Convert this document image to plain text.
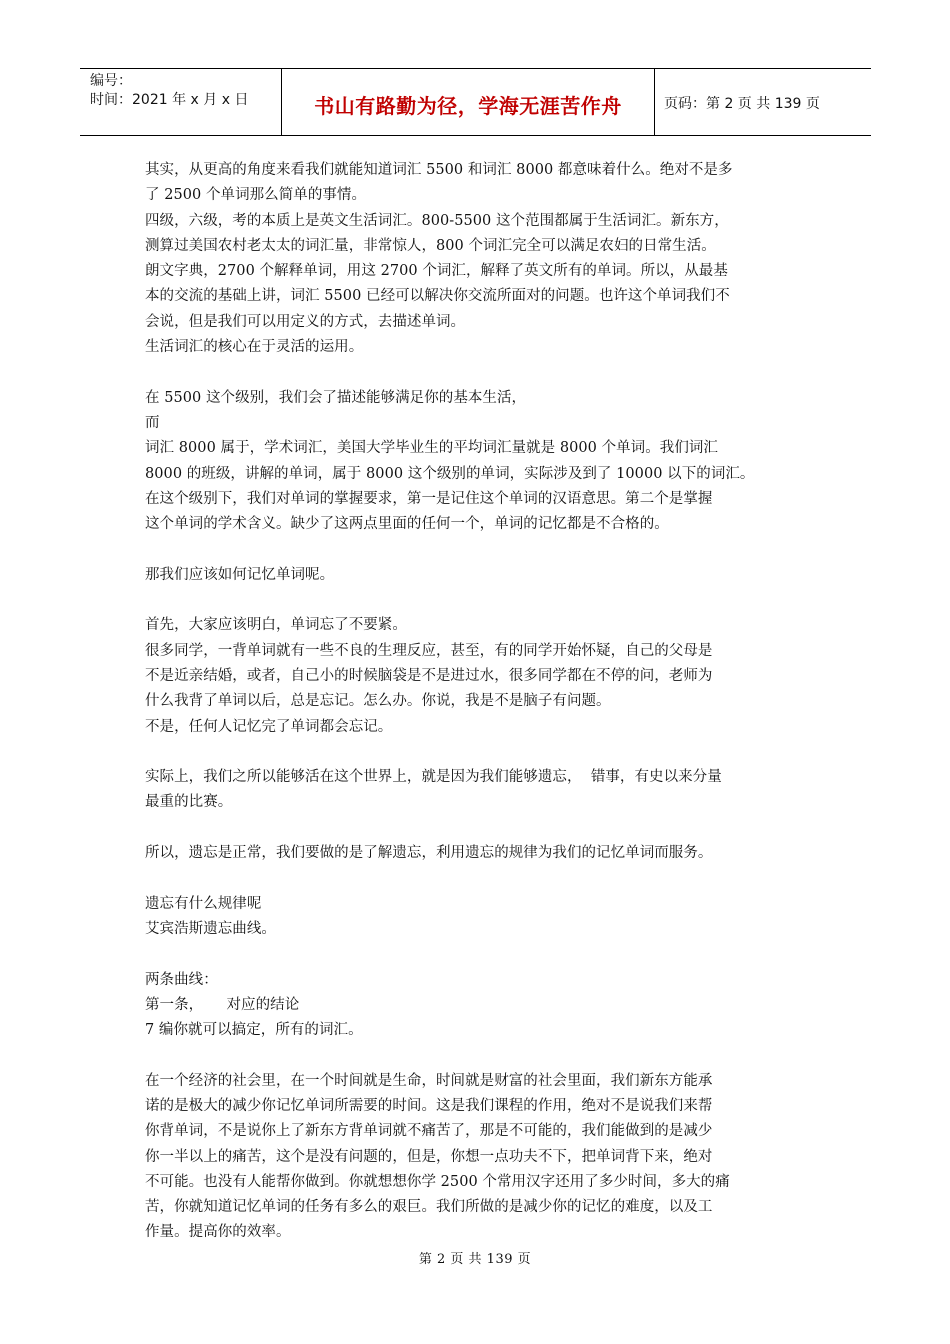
编号：
时间：2021 年 x 月 x 日	书山有路勤为径，学海无涯苦作舟	页码：第 2 页 共 139 页

其实，从更高的角度来看我们就能知道词汇 5500 和词汇 8000 都意味着什么。绝对不是多

了 2500 个单词那么简单的事情。

四级，六级，考的本质上是英文生活词汇。800-5500 这个范围都属于生活词汇。新东方，

测算过美国农村老太太的词汇量，非常惊人，800 个词汇完全可以满足农妇的日常生活。

朗文字典，2700 个解释单词，用这 2700 个词汇，解释了英文所有的单词。所以，从最基

本的交流的基础上讲，词汇 5500 已经可以解决你交流所面对的问题。也许这个单词我们不

会说，但是我们可以用定义的方式，去描述单词。

生活词汇的核心在于灵活的运用。

在 5500 这个级别，我们会了描述能够满足你的基本生活，

而

词汇 8000 属于，学术词汇，美国大学毕业生的平均词汇量就是 8000 个单词。我们词汇

8000 的班级，讲解的单词，属于 8000 这个级别的单词，实际涉及到了 10000 以下的词汇。

在这个级别下，我们对单词的掌握要求，第一是记住这个单词的汉语意思。第二个是掌握

这个单词的学术含义。缺少了这两点里面的任何一个，单词的记忆都是不合格的。

那我们应该如何记忆单词呢。

首先，大家应该明白，单词忘了不要紧。

很多同学，一背单词就有一些不良的生理反应，甚至，有的同学开始怀疑，自己的父母是

不是近亲结婚，或者，自己小的时候脑袋是不是进过水，很多同学都在不停的问，老师为

什么我背了单词以后，总是忘记。怎么办。你说，我是不是脑子有问题。

不是，任何人记忆完了单词都会忘记。

实际上，我们之所以能够活在这个世界上，就是因为我们能够遗忘，  错事，有史以来分量

最重的比赛。

所以，遗忘是正常，我们要做的是了解遗忘，利用遗忘的规律为我们的记忆单词而服务。

遗忘有什么规律呢

艾宾浩斯遗忘曲线。

两条曲线：

第一条，     对应的结论

7 编你就可以搞定，所有的词汇。

在一个经济的社会里，在一个时间就是生命，时间就是财富的社会里面，我们新东方能承

诺的是极大的减少你记忆单词所需要的时间。这是我们课程的作用，绝对不是说我们来帮

你背单词，不是说你上了新东方背单词就不痛苦了，那是不可能的，我们能做到的是减少

你一半以上的痛苦，这个是没有问题的，但是，你想一点功夫不下，把单词背下来，绝对

不可能。也没有人能帮你做到。你就想想你学 2500 个常用汉字还用了多少时间，多大的痛

苦，你就知道记忆单词的任务有多么的艰巨。我们所做的是减少你的记忆的难度，以及工

作量。提高你的效率。

第 2 页 共 139 页
